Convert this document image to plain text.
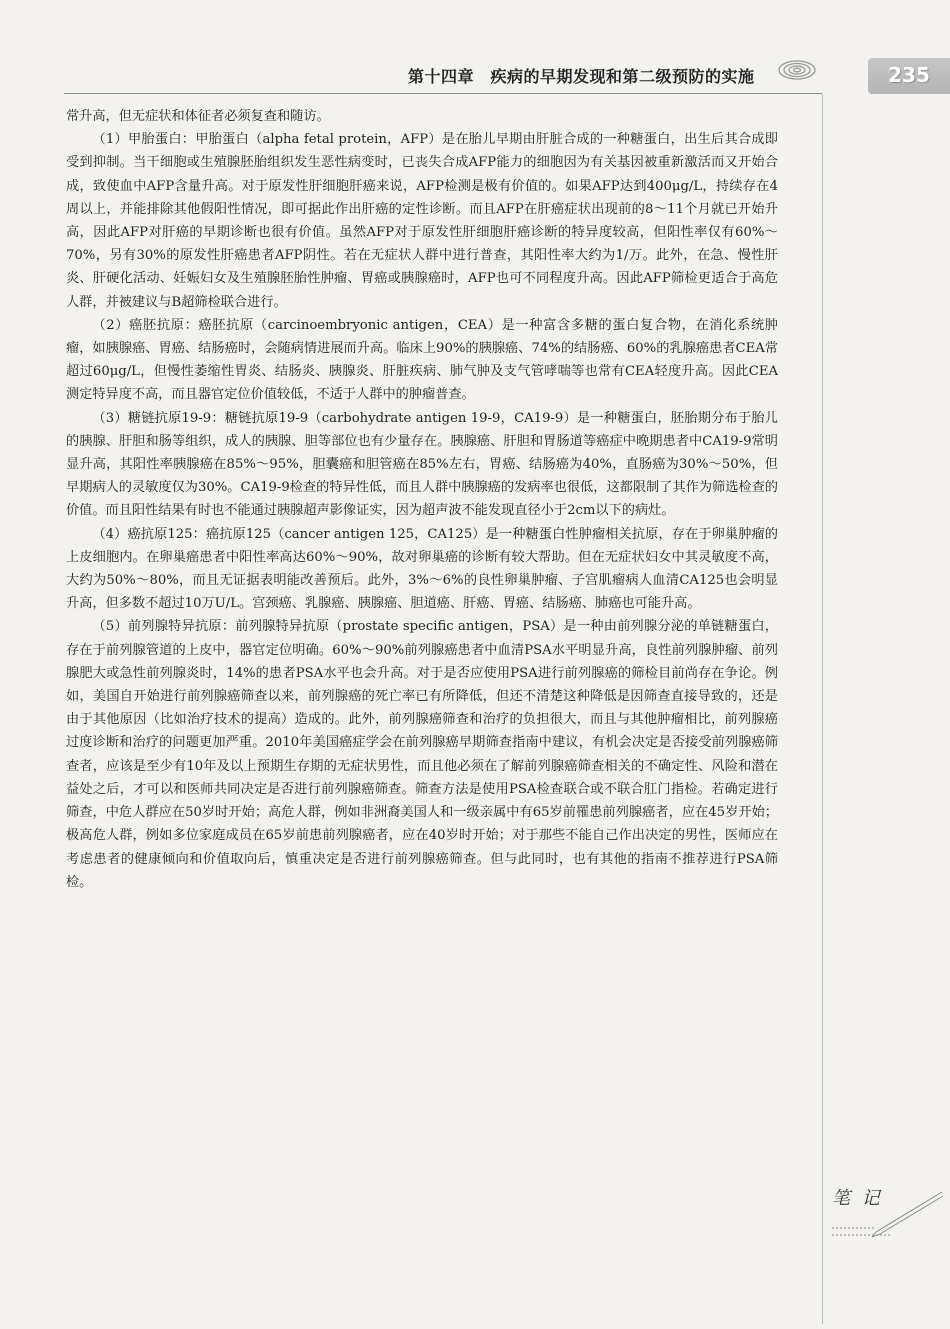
第十四章　疾病的早期发现和第二级预防的实施	235

常升高，但无症状和体征者必须复查和随访。

（1）甲胎蛋白：甲胎蛋白（alpha fetal protein，AFP）是在胎儿早期由肝脏合成的一种糖蛋白，出生后其合成即受到抑制。当干细胞或生殖腺胚胎组织发生恶性病变时，已丧失合成AFP能力的细胞因为有关基因被重新激活而又开始合成，致使血中AFP含量升高。对于原发性肝细胞肝癌来说，AFP检测是极有价值的。如果AFP达到400μg/L，持续存在4周以上，并能排除其他假阳性情况，即可据此作出肝癌的定性诊断。而且AFP在肝癌症状出现前的8～11个月就已开始升高，因此AFP对肝癌的早期诊断也很有价值。虽然AFP对于原发性肝细胞肝癌诊断的特异度较高，但阳性率仅有60%～70%，另有30%的原发性肝癌患者AFP阴性。若在无症状人群中进行普查，其阳性率大约为1/万。此外，在急、慢性肝炎、肝硬化活动、妊娠妇女及生殖腺胚胎性肿瘤、胃癌或胰腺癌时，AFP也可不同程度升高。因此AFP筛检更适合于高危人群，并被建议与B超筛检联合进行。

（2）癌胚抗原：癌胚抗原（carcinoembryonic antigen，CEA）是一种富含多糖的蛋白复合物，在消化系统肿瘤，如胰腺癌、胃癌、结肠癌时，会随病情进展而升高。临床上90%的胰腺癌、74%的结肠癌、60%的乳腺癌患者CEA常超过60μg/L，但慢性萎缩性胃炎、结肠炎、胰腺炎、肝脏疾病、肺气肿及支气管哮喘等也常有CEA轻度升高。因此CEA测定特异度不高，而且器官定位价值较低，不适于人群中的肿瘤普查。

（3）糖链抗原19-9：糖链抗原19-9（carbohydrate antigen 19-9，CA19-9）是一种糖蛋白，胚胎期分布于胎儿的胰腺、肝胆和肠等组织，成人的胰腺、胆等部位也有少量存在。胰腺癌、肝胆和胃肠道等癌症中晚期患者中CA19-9常明显升高，其阳性率胰腺癌在85%～95%，胆囊癌和胆管癌在85%左右，胃癌、结肠癌为40%，直肠癌为30%～50%，但早期病人的灵敏度仅为30%。CA19-9检查的特异性低，而且人群中胰腺癌的发病率也很低，这都限制了其作为筛选检查的价值。而且阳性结果有时也不能通过胰腺超声影像证实，因为超声波不能发现直径小于2cm以下的病灶。

（4）癌抗原125：癌抗原125（cancer antigen 125，CA125）是一种糖蛋白性肿瘤相关抗原，存在于卵巢肿瘤的上皮细胞内。在卵巢癌患者中阳性率高达60%～90%，故对卵巢癌的诊断有较大帮助。但在无症状妇女中其灵敏度不高，大约为50%～80%，而且无证据表明能改善预后。此外，3%～6%的良性卵巢肿瘤、子宫肌瘤病人血清CA125也会明显升高，但多数不超过10万U/L。宫颈癌、乳腺癌、胰腺癌、胆道癌、肝癌、胃癌、结肠癌、肺癌也可能升高。

（5）前列腺特异抗原：前列腺特异抗原（prostate specific antigen，PSA）是一种由前列腺分泌的单链糖蛋白，存在于前列腺管道的上皮中，器官定位明确。60%～90%前列腺癌患者中血清PSA水平明显升高，良性前列腺肿瘤、前列腺肥大或急性前列腺炎时，14%的患者PSA水平也会升高。对于是否应使用PSA进行前列腺癌的筛检目前尚存在争论。例如，美国自开始进行前列腺癌筛查以来，前列腺癌的死亡率已有所降低，但还不清楚这种降低是因筛查直接导致的，还是由于其他原因（比如治疗技术的提高）造成的。此外，前列腺癌筛查和治疗的负担很大，而且与其他肿瘤相比，前列腺癌过度诊断和治疗的问题更加严重。2010年美国癌症学会在前列腺癌早期筛查指南中建议，有机会决定是否接受前列腺癌筛查者，应该是至少有10年及以上预期生存期的无症状男性，而且他必须在了解前列腺癌筛查相关的不确定性、风险和潜在益处之后，才可以和医师共同决定是否进行前列腺癌筛查。筛查方法是使用PSA检查联合或不联合肛门指检。若确定进行筛查，中危人群应在50岁时开始；高危人群，例如非洲裔美国人和一级亲属中有65岁前罹患前列腺癌者，应在45岁开始；极高危人群，例如多位家庭成员在65岁前患前列腺癌者，应在40岁时开始；对于那些不能自己作出决定的男性，医师应在考虑患者的健康倾向和价值取向后，慎重决定是否进行前列腺癌筛查。但与此同时，也有其他的指南不推荐进行PSA筛检。

笔 记
